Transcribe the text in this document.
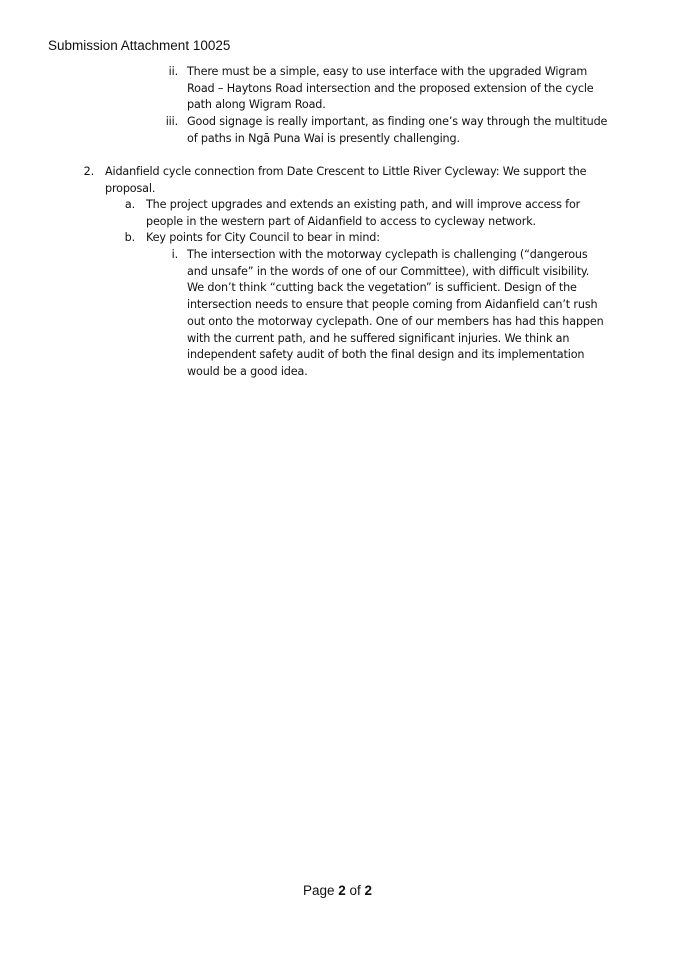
Submission Attachment 10025
ii. There must be a simple, easy to use interface with the upgraded Wigram
Road – Haytons Road intersection and the proposed extension of the cycle
path along Wigram Road.
iii. Good signage is really important, as finding one’s way through the multitude
of paths in Ngā Puna Wai is presently challenging.
2. Aidanfield cycle connection from Date Crescent to Little River Cycleway: We support the
proposal.
a. The project upgrades and extends an existing path, and will improve access for
people in the western part of Aidanfield to access to cycleway network.
b. Key points for City Council to bear in mind:
i. The intersection with the motorway cyclepath is challenging (“dangerous
and unsafe” in the words of one of our Committee), with difficult visibility.
We don’t think “cutting back the vegetation” is sufficient. Design of the
intersection needs to ensure that people coming from Aidanfield can’t rush
out onto the motorway cyclepath. One of our members has had this happen
with the current path, and he suffered significant injuries. We think an
independent safety audit of both the final design and its implementation
would be a good idea.
Page 2 of 2
